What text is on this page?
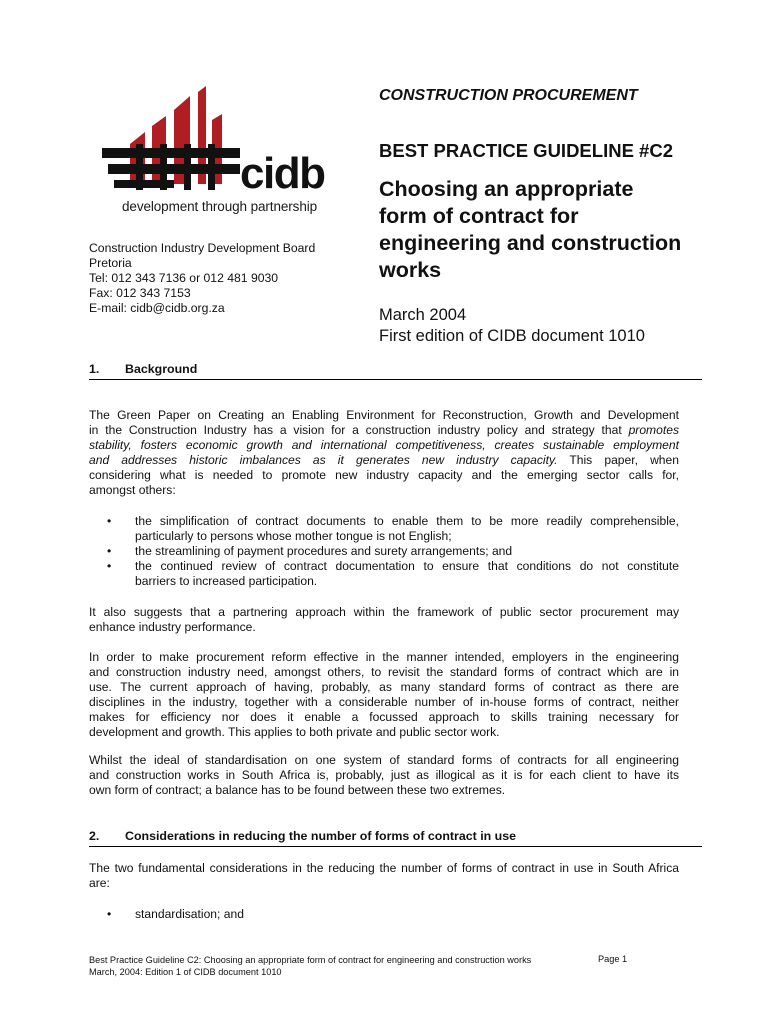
cidb
development through partnership
Construction Industry Development Board
Pretoria
Tel: 012 343 7136 or 012 481 9030
Fax: 012 343 7153
E-mail: cidb@cidb.org.za
CONSTRUCTION PROCUREMENT
BEST PRACTICE GUIDELINE #C2
Choosing an appropriate
form of contract for
engineering and construction
works
March 2004
First edition of CIDB document 1010
1. Background
The Green Paper on Creating an Enabling Environment for Reconstruction, Growth and Development
in the Construction Industry has a vision for a construction industry policy and strategy that promotes
stability, fosters economic growth and international competitiveness, creates sustainable employment
and addresses historic imbalances as it generates new industry capacity. This paper, when
considering what is needed to promote new industry capacity and the emerging sector calls for,
amongst others:
• the simplification of contract documents to enable them to be more readily comprehensible,
particularly to persons whose mother tongue is not English;
• the streamlining of payment procedures and surety arrangements; and
• the continued review of contract documentation to ensure that conditions do not constitute
barriers to increased participation.
It also suggests that a partnering approach within the framework of public sector procurement may
enhance industry performance.
In order to make procurement reform effective in the manner intended, employers in the engineering
and construction industry need, amongst others, to revisit the standard forms of contract which are in
use. The current approach of having, probably, as many standard forms of contract as there are
disciplines in the industry, together with a considerable number of in-house forms of contract, neither
makes for efficiency nor does it enable a focussed approach to skills training necessary for
development and growth. This applies to both private and public sector work.
Whilst the ideal of standardisation on one system of standard forms of contracts for all engineering
and construction works in South Africa is, probably, just as illogical as it is for each client to have its
own form of contract; a balance has to be found between these two extremes.
2. Considerations in reducing the number of forms of contract in use
The two fundamental considerations in the reducing the number of forms of contract in use in South Africa
are:
• standardisation; and
Best Practice Guideline C2: Choosing an appropriate form of contract for engineering and construction works
March, 2004: Edition 1 of CIDB document 1010
Page 1
